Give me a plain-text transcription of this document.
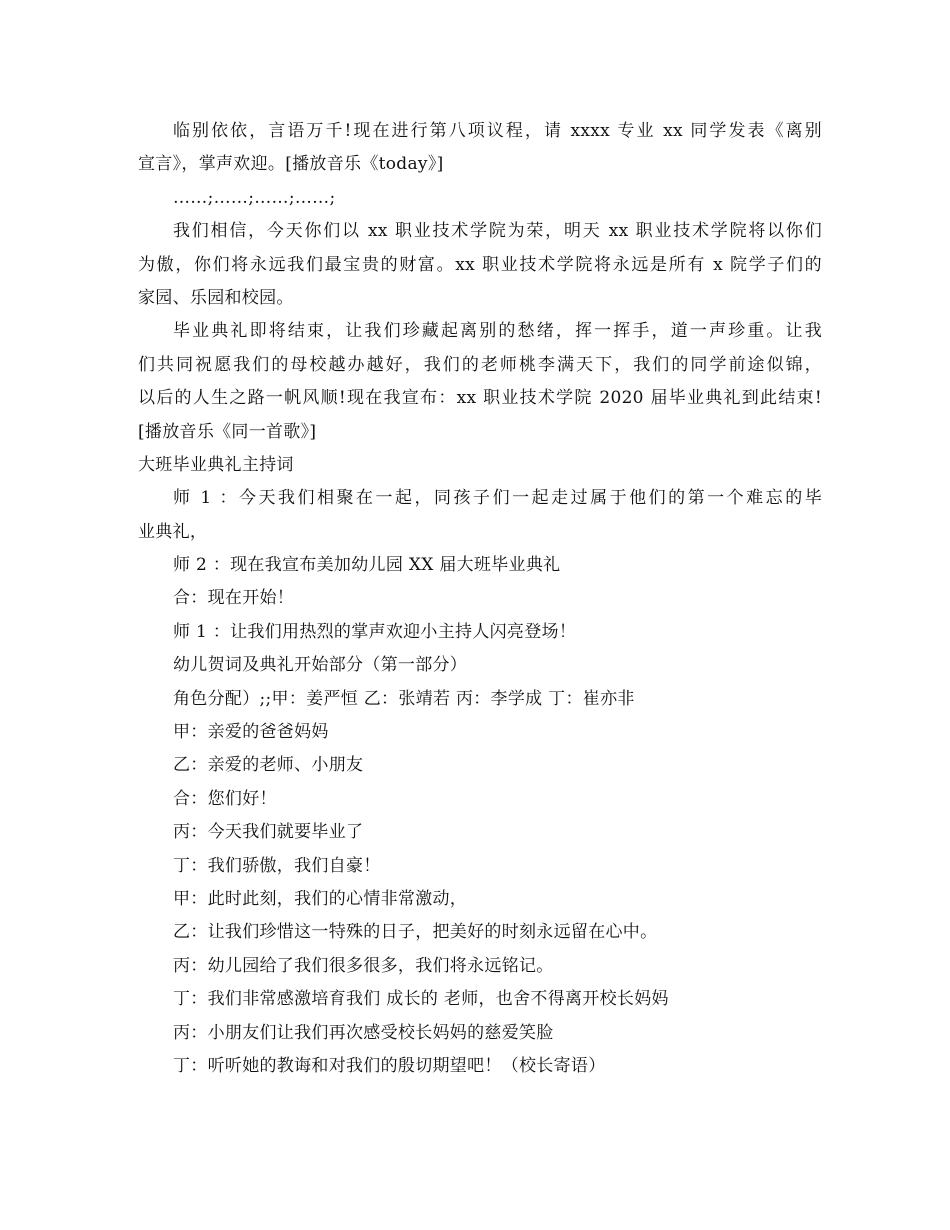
临别依依，言语万千!现在进行第八项议程，请 xxxx 专业 xx 同学发表《离别
宣言》，掌声欢迎。[播放音乐《today》]
……;……;……;……;
我们相信，今天你们以 xx 职业技术学院为荣，明天 xx 职业技术学院将以你们
为傲，你们将永远我们最宝贵的财富。xx 职业技术学院将永远是所有 x 院学子们的
家园、乐园和校园。
毕业典礼即将结束，让我们珍藏起离别的愁绪，挥一挥手，道一声珍重。让我
们共同祝愿我们的母校越办越好，我们的老师桃李满天下，我们的同学前途似锦，
以后的人生之路一帆风顺!现在我宣布：xx 职业技术学院 2020 届毕业典礼到此结束!
[播放音乐《同一首歌》]
大班毕业典礼主持词
师 1 ：今天我们相聚在一起，同孩子们一起走过属于他们的第一个难忘的毕
业典礼，
师 2 ：现在我宣布美加幼儿园 XX 届大班毕业典礼
合：现在开始！
师 1 ：让我们用热烈的掌声欢迎小主持人闪亮登场！
幼儿贺词及典礼开始部分（第一部分）
角色分配）;;甲：姜严恒 乙：张靖若 丙：李学成 丁：崔亦非
甲：亲爱的爸爸妈妈
乙：亲爱的老师、小朋友
合：您们好！
丙：今天我们就要毕业了
丁：我们骄傲，我们自豪！
甲：此时此刻，我们的心情非常激动，
乙：让我们珍惜这一特殊的日子，把美好的时刻永远留在心中。
丙：幼儿园给了我们很多很多，我们将永远铭记。
丁：我们非常感激培育我们 成长的 老师，也舍不得离开校长妈妈
丙：小朋友们让我们再次感受校长妈妈的慈爱笑脸
丁：听听她的教诲和对我们的殷切期望吧！（校长寄语）
